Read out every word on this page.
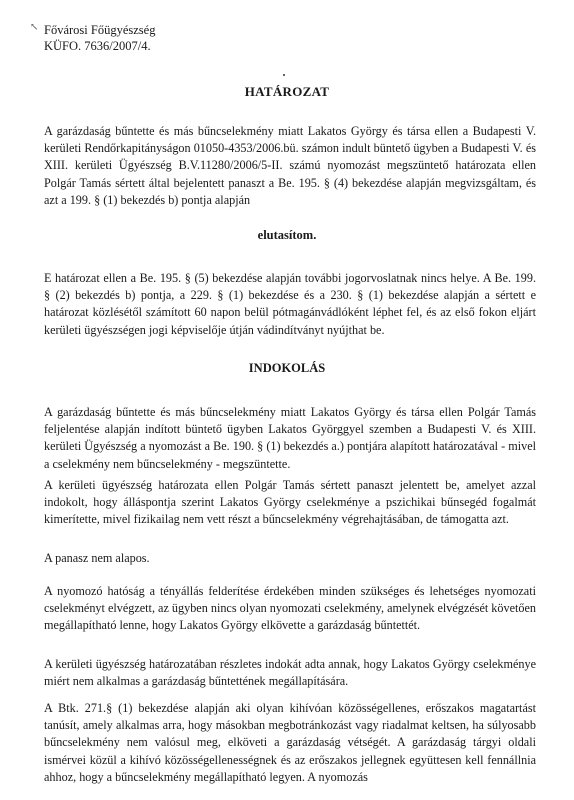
↖ Fővárosi Főügyészség
KÜFO. 7636/2007/4.
HATÁROZAT
A garázdaság bűntette és más bűncselekmény miatt Lakatos György és társa ellen a Budapesti V. kerületi Rendőrkapitányságon 01050-4353/2006.bü. számon indult büntető ügyben a Budapesti V. és XIII. kerületi Ügyészség B.V.11280/2006/5-II. számú nyomozást megszüntető határozata ellen Polgár Tamás sértett által bejelentett panaszt a Be. 195. § (4) bekezdése alapján megvizsgáltam, és azt a 199. § (1) bekezdés b) pontja alapján
elutasítom.
E határozat ellen a Be. 195. § (5) bekezdése alapján további jogorvoslatnak nincs helye. A Be. 199. § (2) bekezdés b) pontja, a 229. § (1) bekezdése és a 230. § (1) bekezdése alapján a sértett e határozat közlésétől számított 60 napon belül pótmagánvádlóként léphet fel, és az első fokon eljárt kerületi ügyészségen jogi képviselője útján vádindítványt nyújthat be.
INDOKOLÁS
A garázdaság bűntette és más bűncselekmény miatt Lakatos György és társa ellen Polgár Tamás feljelentése alapján indított büntető ügyben Lakatos Györggyel szemben a Budapesti V. és XIII. kerületi Ügyészség a nyomozást a Be. 190. § (1) bekezdés a.) pontjára alapított határozatával - mivel a cselekmény nem bűncselekmény - megszüntette.
A kerületi ügyészség határozata ellen Polgár Tamás sértett panaszt jelentett be, amelyet azzal indokolt, hogy álláspontja szerint Lakatos György cselekménye a pszichikai bűnsegéd fogalmát kimerítette, mivel fizikailag nem vett részt a bűncselekmény végrehajtásában, de támogatta azt.
A panasz nem alapos.
A nyomozó hatóság a tényállás felderítése érdekében minden szükséges és lehetséges nyomozati cselekményt elvégzett, az ügyben nincs olyan nyomozati cselekmény, amelynek elvégzését követően megállapítható lenne, hogy Lakatos György elkövette a garázdaság bűntettét.
A kerületi ügyészség határozatában részletes indokát adta annak, hogy Lakatos György cselekménye miért nem alkalmas a garázdaság bűntettének megállapítására.
A Btk. 271.§ (1) bekezdése alapján aki olyan kihívóan közösségellenes, erőszakos magatartást tanúsít, amely alkalmas arra, hogy másokban megbotránkozást vagy riadalmat keltsen, ha súlyosabb bűncselekmény nem valósul meg, elköveti a garázdaság vétségét. A garázdaság tárgyi oldali ismérvei közül a kihívó közösségellenességnek és az erőszakos jellegnek együttesen kell fennállnia ahhoz, hogy a bűncselekmény megállapítható legyen. A nyomozás
